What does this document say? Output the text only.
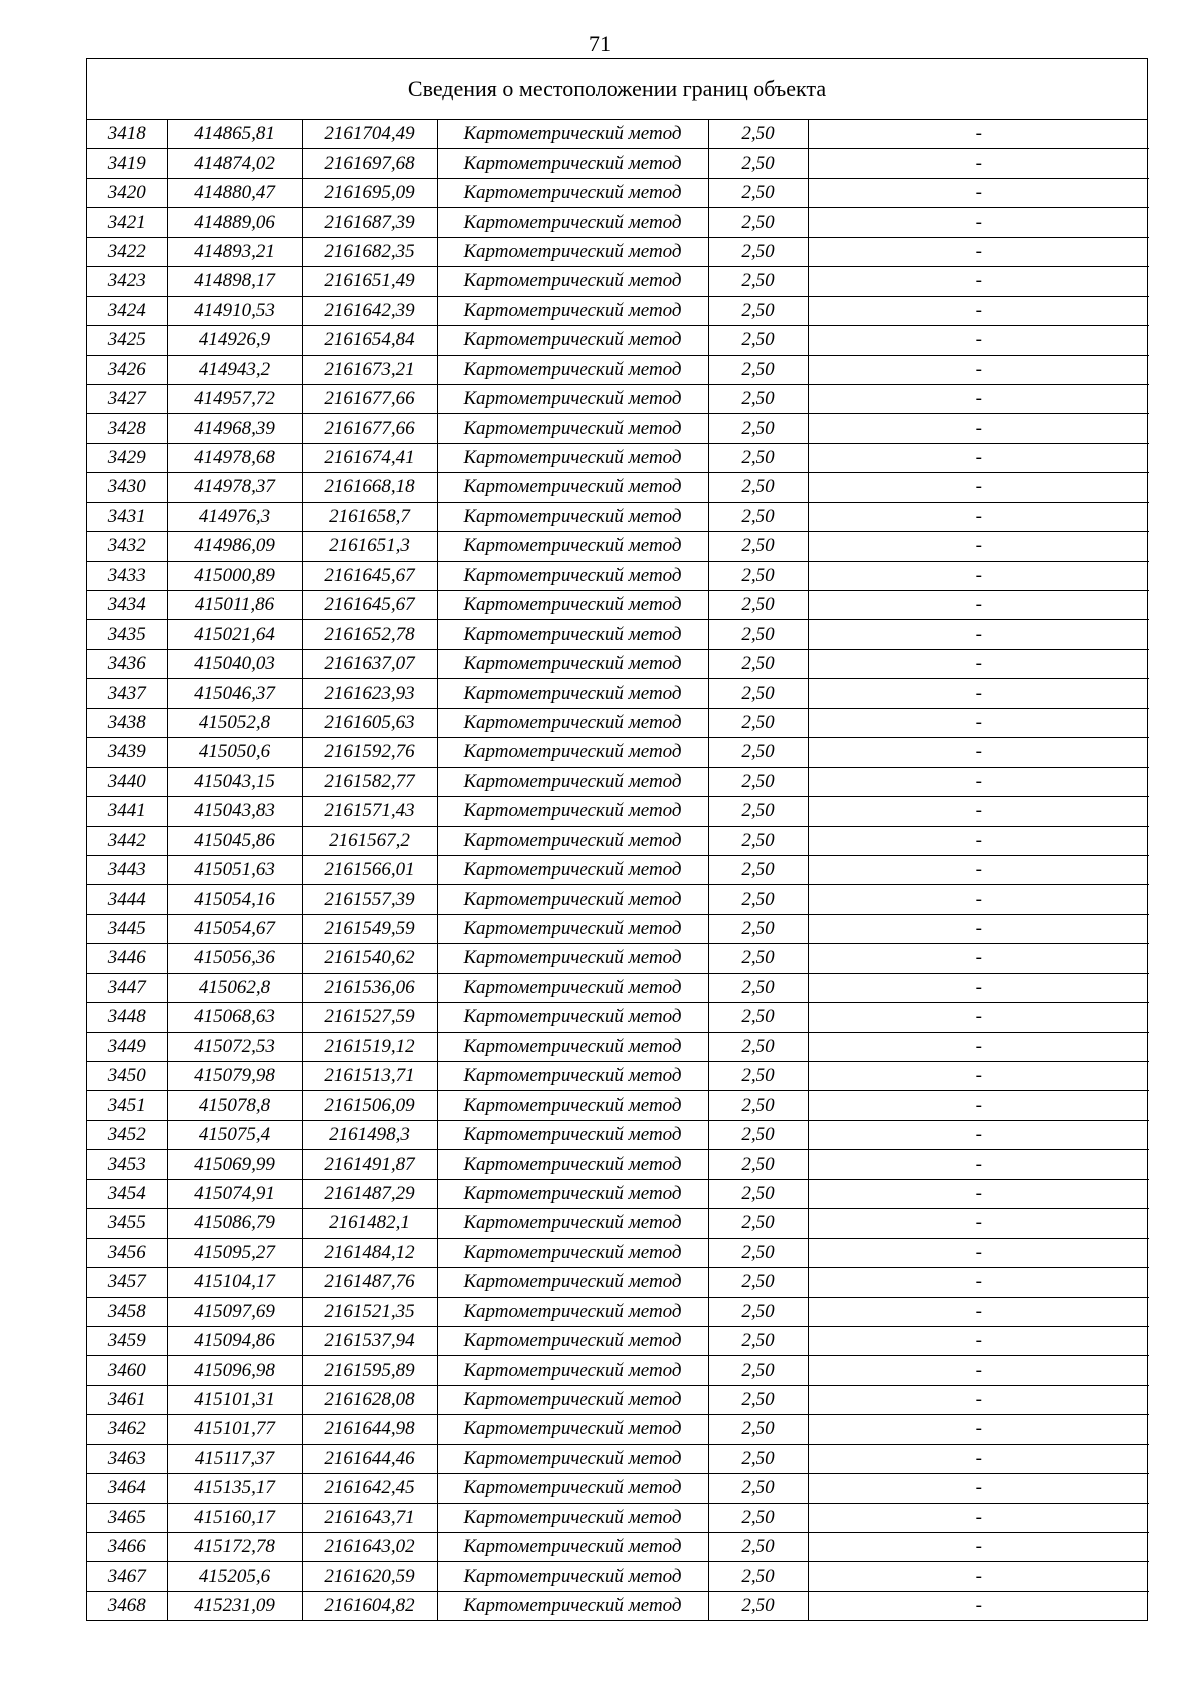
71
Сведения о местоположении границ объекта
3418	414865,81	2161704,49	Картометрический метод	2,50	-
3419	414874,02	2161697,68	Картометрический метод	2,50	-
3420	414880,47	2161695,09	Картометрический метод	2,50	-
3421	414889,06	2161687,39	Картометрический метод	2,50	-
3422	414893,21	2161682,35	Картометрический метод	2,50	-
3423	414898,17	2161651,49	Картометрический метод	2,50	-
3424	414910,53	2161642,39	Картометрический метод	2,50	-
3425	414926,9	2161654,84	Картометрический метод	2,50	-
3426	414943,2	2161673,21	Картометрический метод	2,50	-
3427	414957,72	2161677,66	Картометрический метод	2,50	-
3428	414968,39	2161677,66	Картометрический метод	2,50	-
3429	414978,68	2161674,41	Картометрический метод	2,50	-
3430	414978,37	2161668,18	Картометрический метод	2,50	-
3431	414976,3	2161658,7	Картометрический метод	2,50	-
3432	414986,09	2161651,3	Картометрический метод	2,50	-
3433	415000,89	2161645,67	Картометрический метод	2,50	-
3434	415011,86	2161645,67	Картометрический метод	2,50	-
3435	415021,64	2161652,78	Картометрический метод	2,50	-
3436	415040,03	2161637,07	Картометрический метод	2,50	-
3437	415046,37	2161623,93	Картометрический метод	2,50	-
3438	415052,8	2161605,63	Картометрический метод	2,50	-
3439	415050,6	2161592,76	Картометрический метод	2,50	-
3440	415043,15	2161582,77	Картометрический метод	2,50	-
3441	415043,83	2161571,43	Картометрический метод	2,50	-
3442	415045,86	2161567,2	Картометрический метод	2,50	-
3443	415051,63	2161566,01	Картометрический метод	2,50	-
3444	415054,16	2161557,39	Картометрический метод	2,50	-
3445	415054,67	2161549,59	Картометрический метод	2,50	-
3446	415056,36	2161540,62	Картометрический метод	2,50	-
3447	415062,8	2161536,06	Картометрический метод	2,50	-
3448	415068,63	2161527,59	Картометрический метод	2,50	-
3449	415072,53	2161519,12	Картометрический метод	2,50	-
3450	415079,98	2161513,71	Картометрический метод	2,50	-
3451	415078,8	2161506,09	Картометрический метод	2,50	-
3452	415075,4	2161498,3	Картометрический метод	2,50	-
3453	415069,99	2161491,87	Картометрический метод	2,50	-
3454	415074,91	2161487,29	Картометрический метод	2,50	-
3455	415086,79	2161482,1	Картометрический метод	2,50	-
3456	415095,27	2161484,12	Картометрический метод	2,50	-
3457	415104,17	2161487,76	Картометрический метод	2,50	-
3458	415097,69	2161521,35	Картометрический метод	2,50	-
3459	415094,86	2161537,94	Картометрический метод	2,50	-
3460	415096,98	2161595,89	Картометрический метод	2,50	-
3461	415101,31	2161628,08	Картометрический метод	2,50	-
3462	415101,77	2161644,98	Картометрический метод	2,50	-
3463	415117,37	2161644,46	Картометрический метод	2,50	-
3464	415135,17	2161642,45	Картометрический метод	2,50	-
3465	415160,17	2161643,71	Картометрический метод	2,50	-
3466	415172,78	2161643,02	Картометрический метод	2,50	-
3467	415205,6	2161620,59	Картометрический метод	2,50	-
3468	415231,09	2161604,82	Картометрический метод	2,50	-
